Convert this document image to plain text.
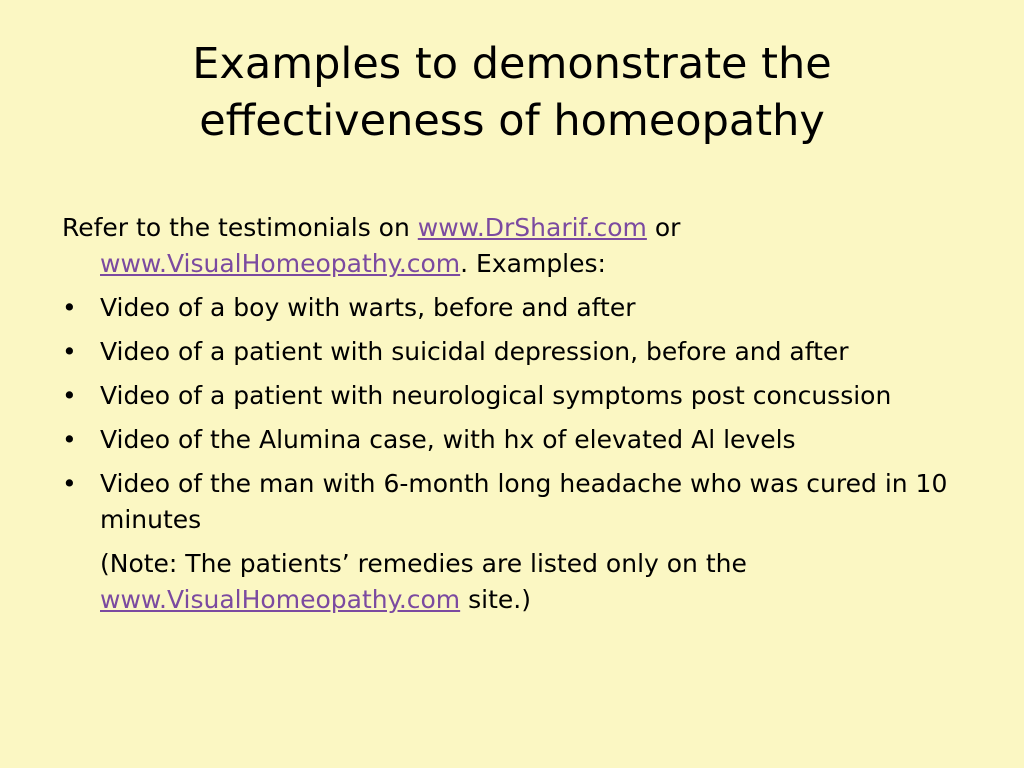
Examples to demonstrate the
effectiveness of homeopathy
Refer to the testimonials on www.DrSharif.com or www.VisualHomeopathy.com. Examples:
• Video of a boy with warts, before and after
• Video of a patient with suicidal depression, before and after
• Video of a patient with neurological symptoms post concussion
• Video of the Alumina case, with hx of elevated Al levels
• Video of the man with 6-month long headache who was cured in 10 minutes
(Note: The patients’ remedies are listed only on the www.VisualHomeopathy.com site.)
